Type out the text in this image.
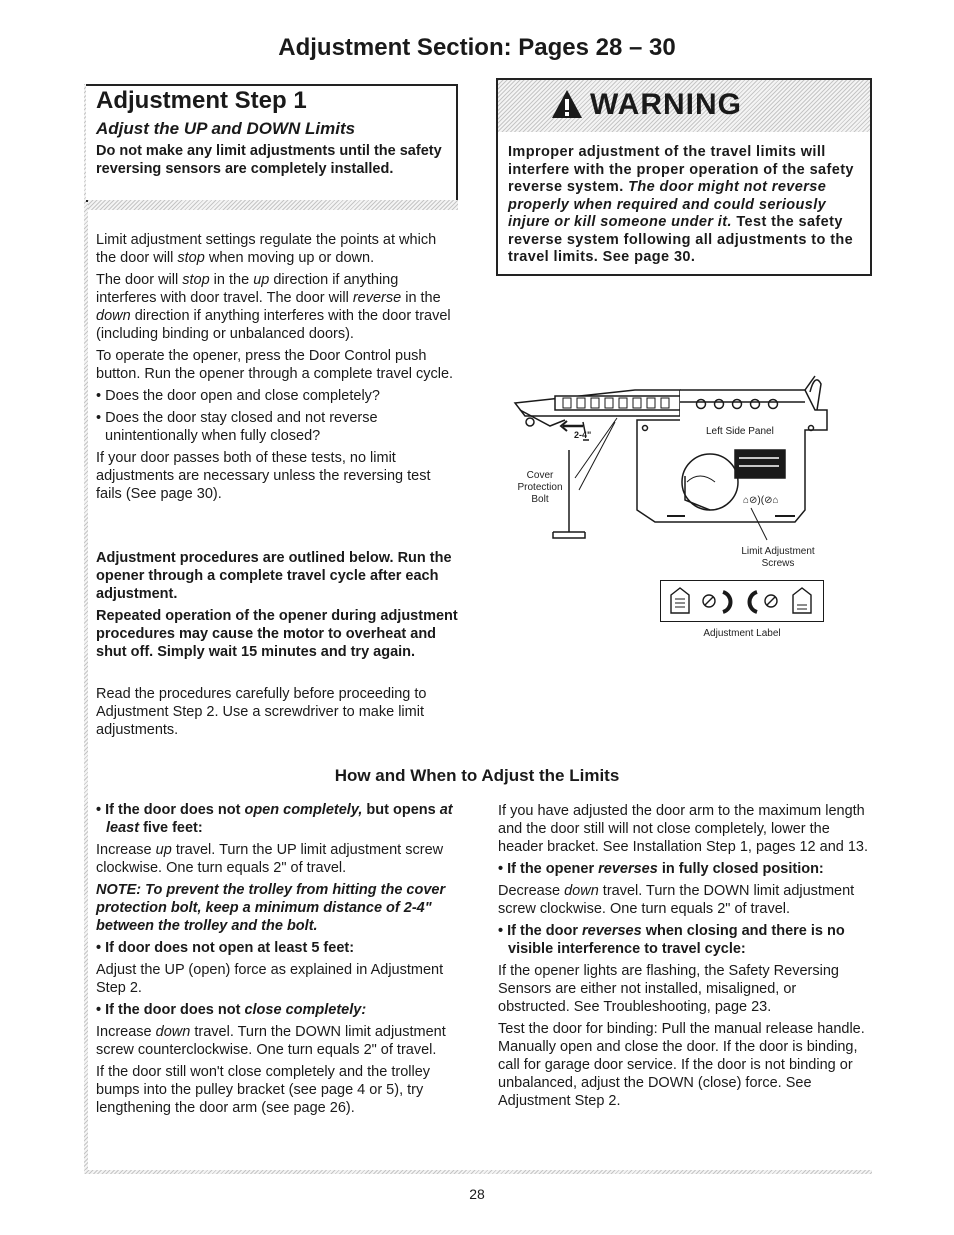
Adjustment Section: Pages 28 – 30
Adjustment Step 1
Adjust the UP and DOWN Limits
Do not make any limit adjustments until the safety reversing sensors are completely installed.

Limit adjustment settings regulate the points at which the door will stop when moving up or down.

The door will stop in the up direction if anything interferes with door travel. The door will reverse in the down direction if anything interferes with the door travel (including binding or unbalanced doors).

To operate the opener, press the Door Control push button. Run the opener through a complete travel cycle.

• Does the door open and close completely?

• Does the door stay closed and not reverse unintentionally when fully closed?

If your door passes both of these tests, no limit adjustments are necessary unless the reversing test fails (See page 30).

Adjustment procedures are outlined below. Run the opener through a complete travel cycle after each adjustment.

Repeated operation of the opener during adjustment procedures may cause the motor to overheat and shut off. Simply wait 15 minutes and try again.

Read the procedures carefully before proceeding to Adjustment Step 2. Use a screwdriver to make limit adjustments.
WARNING
Improper adjustment of the travel limits will interfere with the proper operation of the safety reverse system. The door might not reverse properly when required and could seriously injure or kill someone under it. Test the safety reverse system following all adjustments to the travel limits. See page 30.
Left Side Panel
2-4"
⌂⊘)(⊘⌂
Cover
Protection
Bolt
Limit Adjustment
Screws
Adjustment Label
How and When to Adjust the Limits

• If the door does not open completely, but opens at least five feet:

Increase up travel. Turn the UP limit adjustment screw clockwise. One turn equals 2" of travel.

NOTE: To prevent the trolley from hitting the cover protection bolt, keep a minimum distance of 2-4" between the trolley and the bolt.

• If door does not open at least 5 feet:

Adjust the UP (open) force as explained in Adjustment Step 2.

• If the door does not close completely:

Increase down travel. Turn the DOWN limit adjustment screw counterclockwise. One turn equals 2" of travel.

If the door still won't close completely and the trolley bumps into the pulley bracket (see page 4 or 5), try lengthening the door arm (see page 26).

If you have adjusted the door arm to the maximum length and the door still will not close completely, lower the header bracket. See Installation Step 1, pages 12 and 13.

• If the opener reverses in fully closed position:

Decrease down travel. Turn the DOWN limit adjustment screw clockwise. One turn equals 2" of travel.

• If the door reverses when closing and there is no visible interference to travel cycle:

If the opener lights are flashing, the Safety Reversing Sensors are either not installed, misaligned, or obstructed. See Troubleshooting, page 23.

Test the door for binding: Pull the manual release handle. Manually open and close the door. If the door is binding, call for garage door service. If the door is not binding or unbalanced, adjust the DOWN (close) force. See Adjustment Step 2.

28
